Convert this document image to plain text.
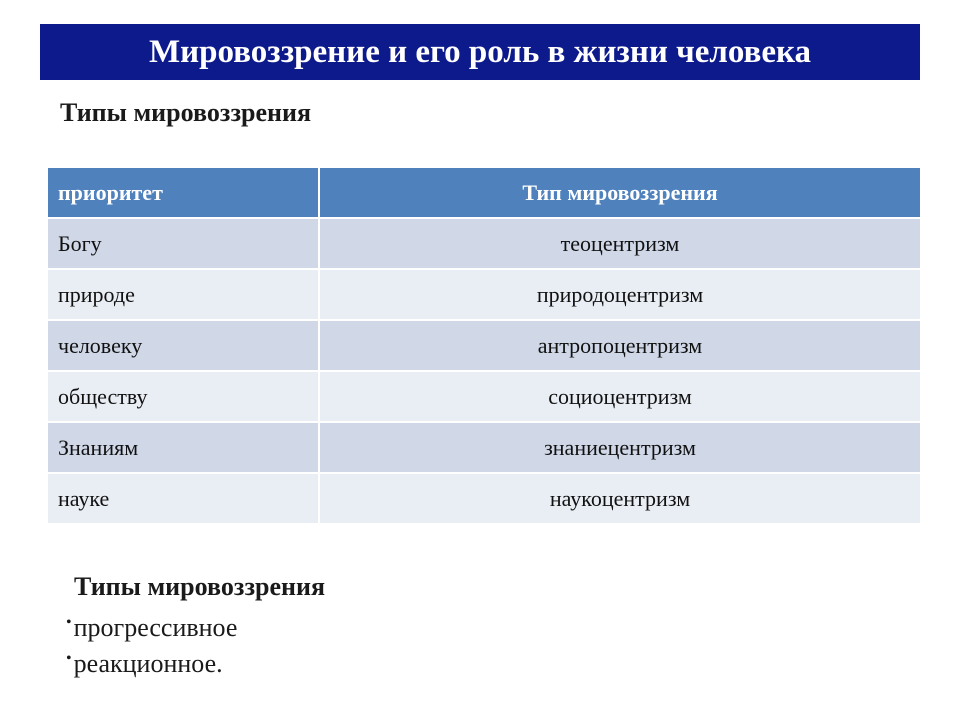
Мировоззрение и его роль в жизни человека
Типы мировоззрения
приоритет	Тип мировоззрения
Богу	теоцентризм
природе	природоцентризм
человеку	антропоцентризм
обществу	социоцентризм
Знаниям	знаниецентризм
науке	наукоцентризм
Типы мировоззрения
• прогрессивное
• реакционное.
